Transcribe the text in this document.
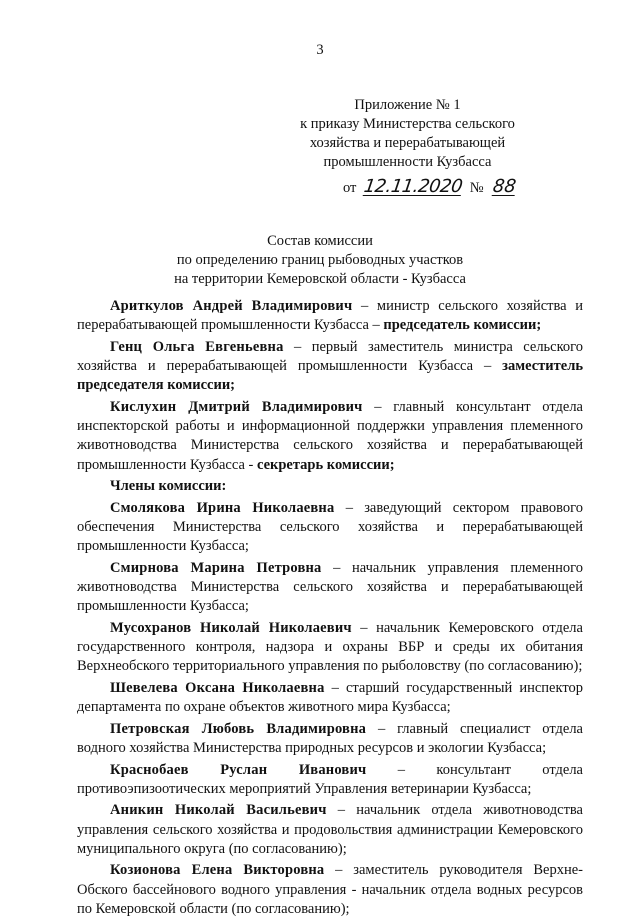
3
Приложение № 1
к приказу Министерства сельского
хозяйства и перерабатывающей
промышленности Кузбасса
от 12.11.2020 № 88
Состав комиссии
по определению границ рыбоводных участков
на территории Кемеровской области - Кузбасса

Ариткулов Андрей Владимирович – министр сельского хозяйства и перерабатывающей промышленности Кузбасса – председатель комиссии;

Генц Ольга Евгеньевна – первый заместитель министра сельского хозяйства и перерабатывающей промышленности Кузбасса – заместитель председателя комиссии;

Кислухин Дмитрий Владимирович – главный консультант отдела инспекторской работы и информационной поддержки управления племенного животноводства Министерства сельского хозяйства и перерабатывающей промышленности Кузбасса - секретарь комиссии;

Члены комиссии:

Смолякова Ирина Николаевна – заведующий сектором правового обеспечения Министерства сельского хозяйства и перерабатывающей промышленности Кузбасса;

Смирнова Марина Петровна – начальник управления племенного животноводства Министерства сельского хозяйства и перерабатывающей промышленности Кузбасса;

Мусохранов Николай Николаевич – начальник Кемеровского отдела государственного контроля, надзора и охраны ВБР и среды их обитания Верхнеобского территориального управления по рыболовству (по согласованию);

Шевелева Оксана Николаевна – старший государственный инспектор департамента по охране объектов животного мира Кузбасса;

Петровская Любовь Владимировна – главный специалист отдела водного хозяйства Министерства природных ресурсов и экологии Кузбасса;

Краснобаев Руслан Иванович – консультант отдела противоэпизоотических мероприятий Управления ветеринарии Кузбасса;

Аникин Николай Васильевич – начальник отдела животноводства управления сельского хозяйства и продовольствия администрации Кемеровского муниципального округа (по согласованию);

Козионова Елена Викторовна – заместитель руководителя Верхне-Обского бассейнового водного управления - начальник отдела водных ресурсов по Кемеровской области (по согласованию);
